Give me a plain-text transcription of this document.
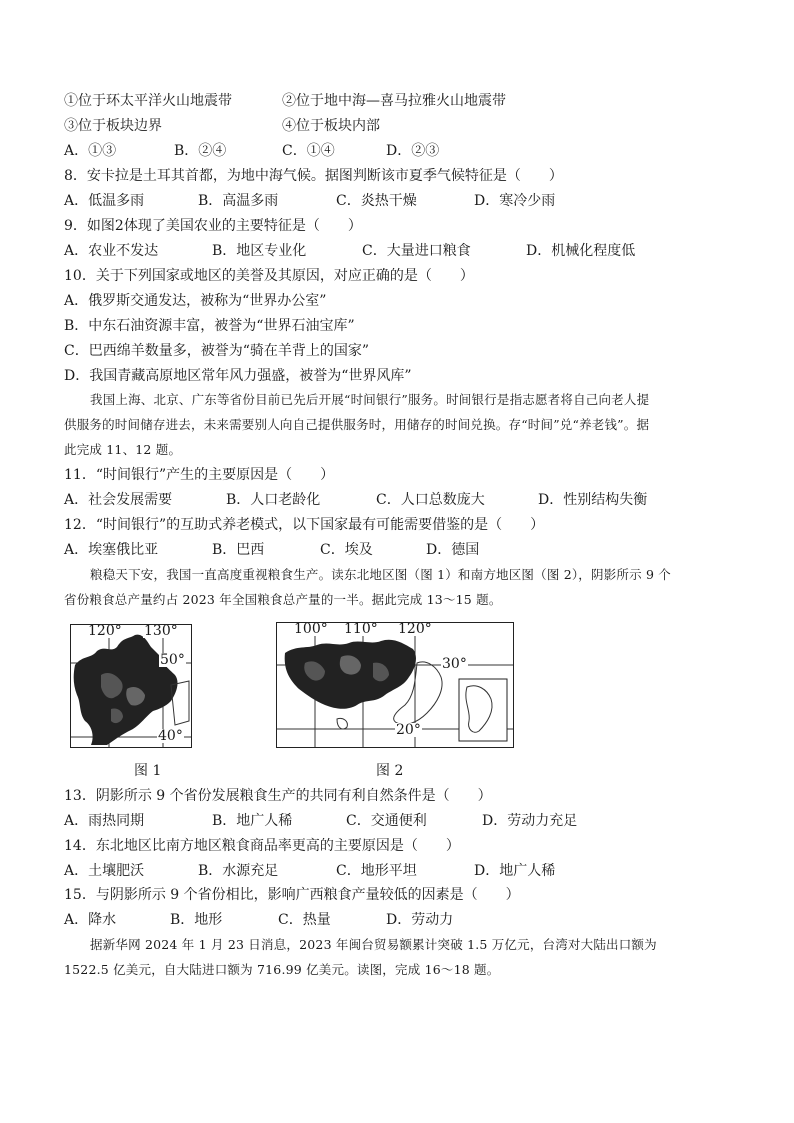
①位于环太平洋火山地震带	②位于地中海—喜马拉雅火山地震带
③位于板块边界	④位于板块内部
A．①③	B．②④	C．①④	D．②③
8．安卡拉是土耳其首都，为地中海气候。据图判断该市夏季气候特征是（　　）
A．低温多雨	B．高温多雨	C．炎热干燥	D．寒冷少雨
9．如图2体现了美国农业的主要特征是（　　）
A．农业不发达	B．地区专业化	C．大量进口粮食	D．机械化程度低
10．关于下列国家或地区的美誉及其原因，对应正确的是（　　）
A．俄罗斯交通发达，被称为“世界办公室”
B．中东石油资源丰富，被誉为“世界石油宝库”
C．巴西绵羊数量多，被誉为“骑在羊背上的国家”
D．我国青藏高原地区常年风力强盛，被誉为“世界风库”
我国上海、北京、广东等省份目前已先后开展“时间银行”服务。时间银行是指志愿者将自己向老人提
供服务的时间储存进去，未来需要别人向自己提供服务时，用储存的时间兑换。存“时间”兑“养老钱”。据
此完成 11、12 题。
11．“时间银行”产生的主要原因是（　　）
A．社会发展需要	B．人口老龄化	C．人口总数庞大	D．性别结构失衡
12．“时间银行”的互助式养老模式，以下国家最有可能需要借鉴的是（　　）
A．埃塞俄比亚	B．巴西	C．埃及	D．德国
粮稳天下安，我国一直高度重视粮食生产。读东北地区图（图 1）和南方地区图（图 2），阴影所示 9 个
省份粮食总产量约占 2023 年全国粮食总产量的一半。据此完成 13～15 题。
120° 130°
50°
40°
图 1
100° 110° 120°
30°
20°
图 2
13．阴影所示 9 个省份发展粮食生产的共同有利自然条件是（　　）
A．雨热同期	B．地广人稀	C．交通便利	D．劳动力充足
14．东北地区比南方地区粮食商品率更高的主要原因是（　　）
A．土壤肥沃	B．水源充足	C．地形平坦	D．地广人稀
15．与阴影所示 9 个省份相比，影响广西粮食产量较低的因素是（　　）
A．降水	B．地形	C．热量	D．劳动力
据新华网 2024 年 1 月 23 日消息，2023 年闽台贸易额累计突破 1.5 万亿元，台湾对大陆出口额为
1522.5 亿美元，自大陆进口额为 716.99 亿美元。读图，完成 16～18 题。
